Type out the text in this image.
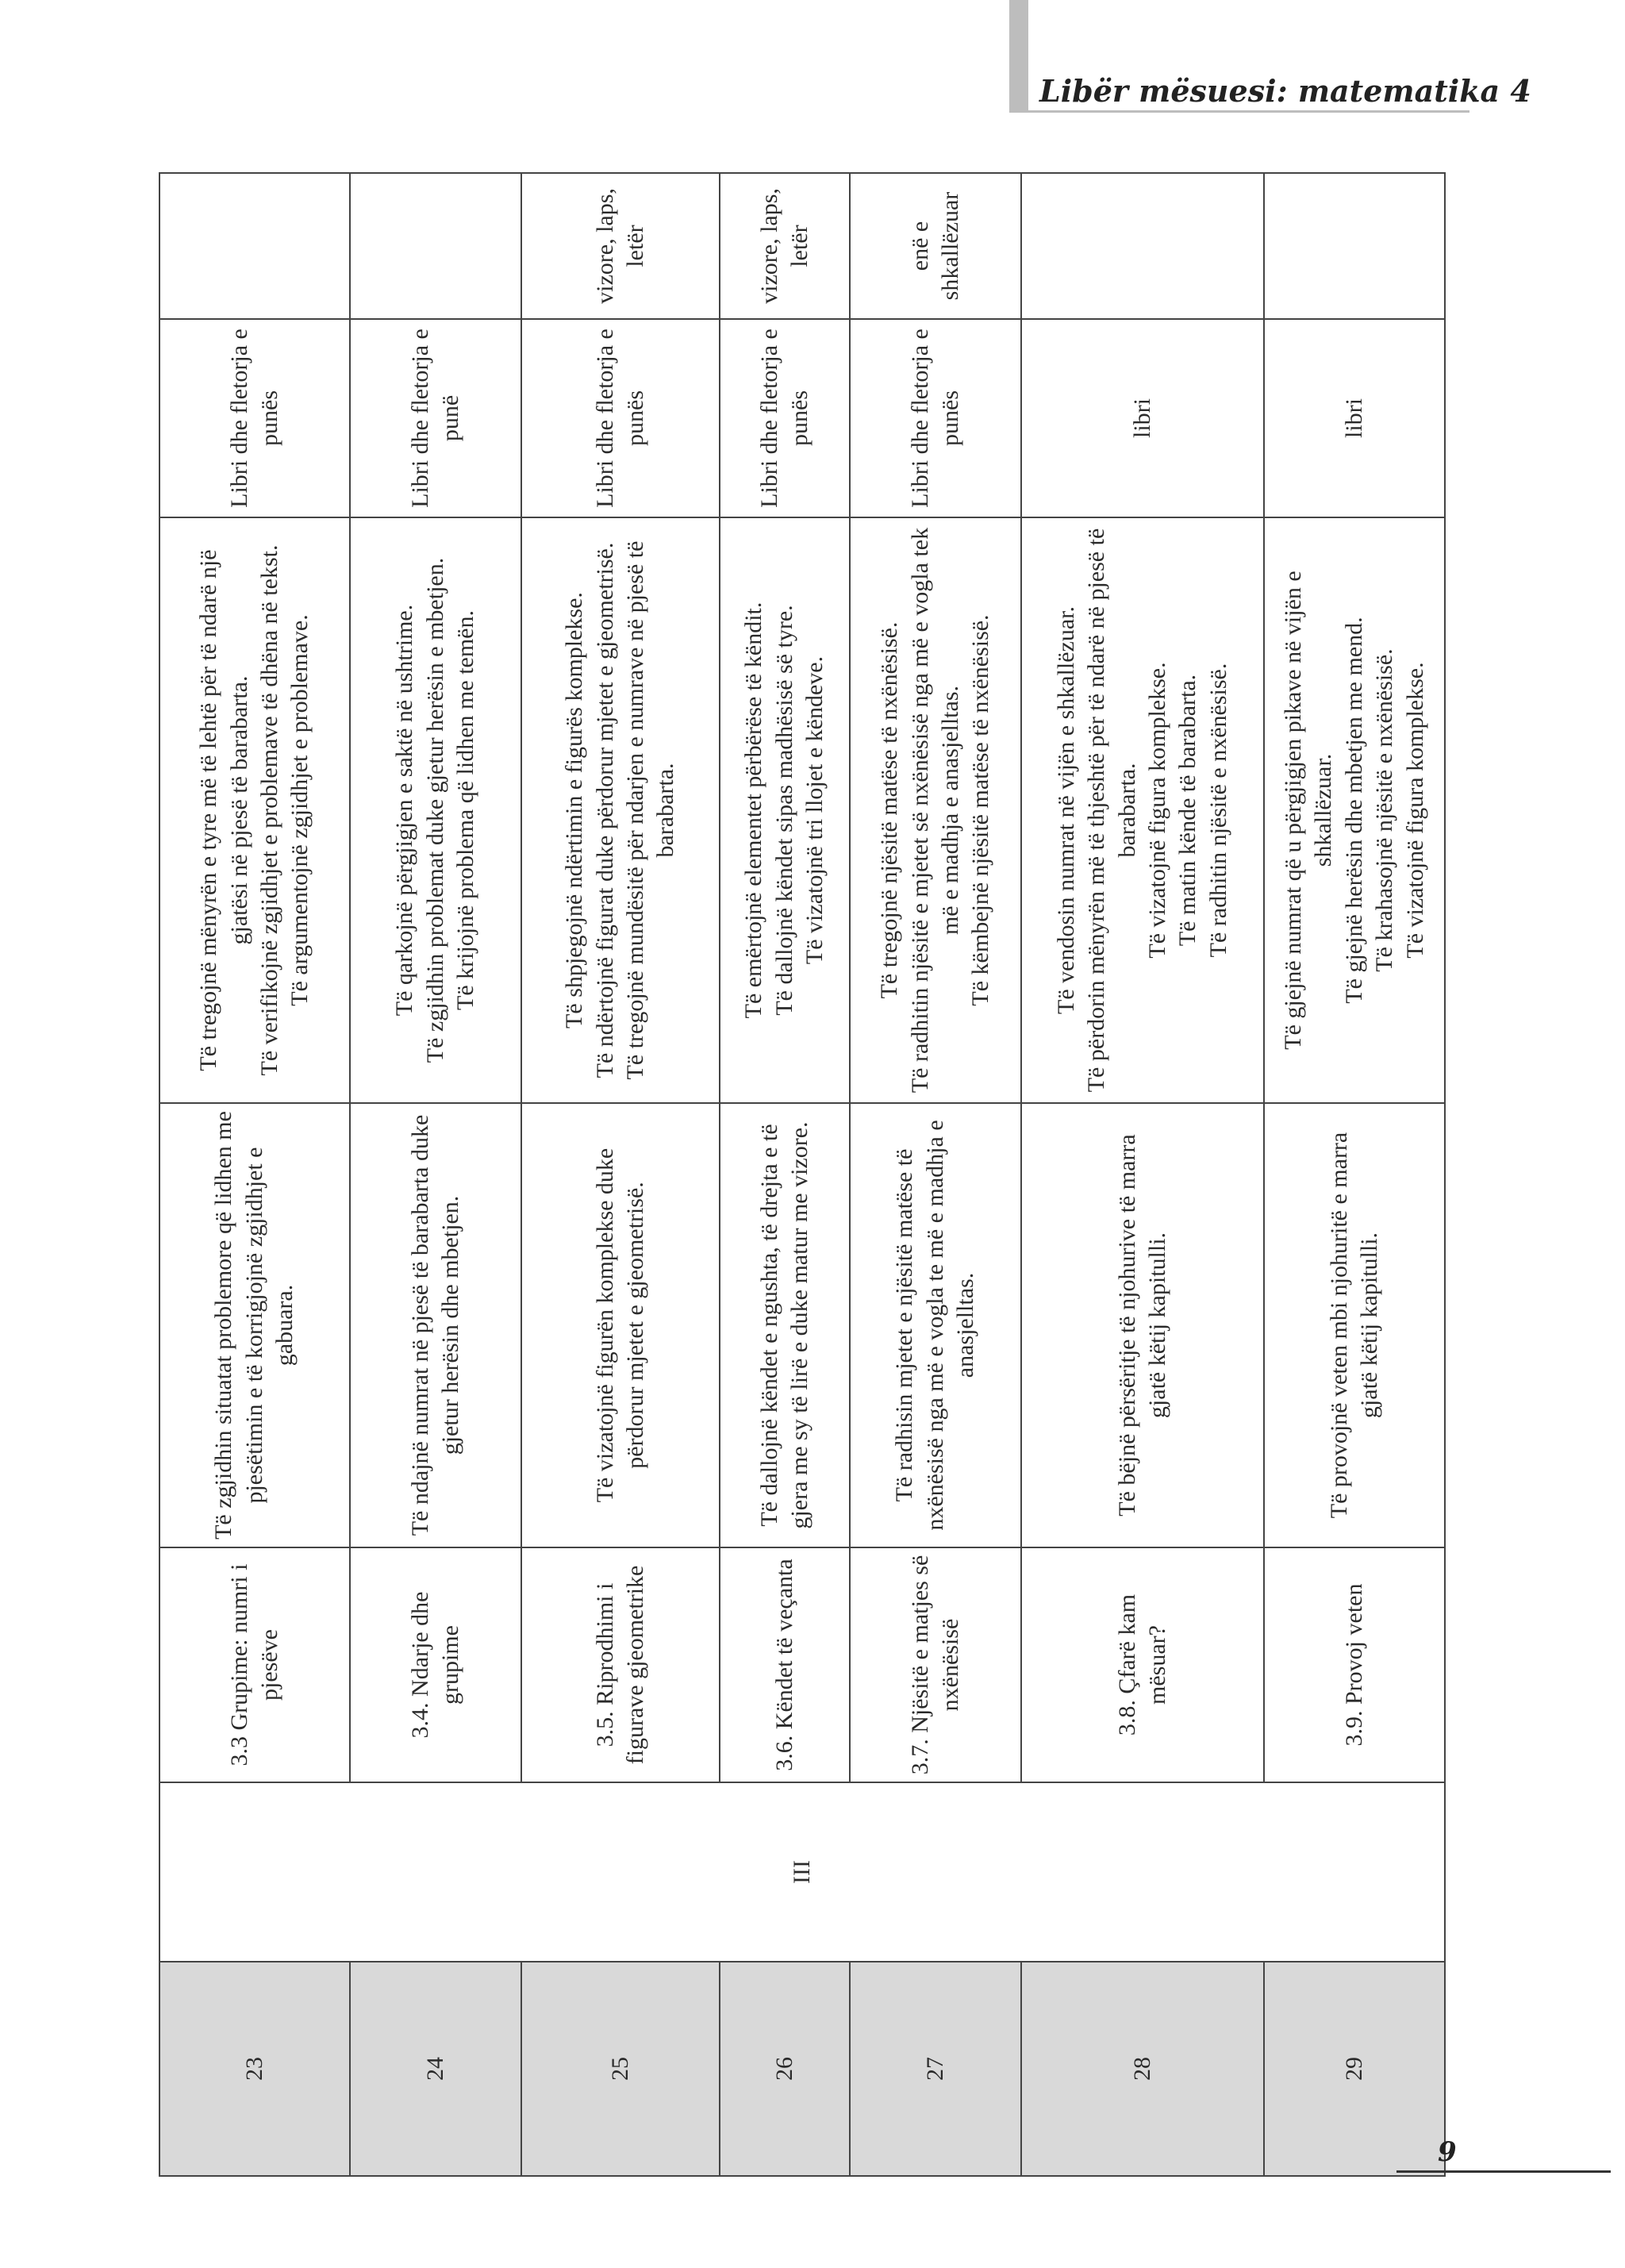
Libër mësuesi: matematika 4
23	III	3.3 Grupime: numri i pjesëve	Të zgjidhin situatat problemore që lidhen me pjesëtimin e të korrigjojnë zgjidhjet e gabuara.	Të tregojnë mënyrën e tyre më të lehtë për të ndarë një gjatësi në pjesë të barabarta. Të verifikojnë zgjidhjet e problemave të dhëna në tekst. Të argumentojnë zgjidhjet e problemave.	Libri dhe fletorja e punës	
24		3.4. Ndarje dhe grupime	Të ndajnë numrat në pjesë të barabarta duke gjetur herësin dhe mbetjen.	Të qarkojnë përgjigjen e saktë në ushtrime. Të zgjidhin problemat duke gjetur herësin e mbetjen. Të krijojnë problema që lidhen me temën.	Libri dhe fletorja e punë	
25		3.5. Riprodhimi i figurave gjeometrike	Të vizatojnë figurën komplekse duke përdorur mjetet e gjeometrisë.	Të shpjegojnë ndërtimin e figurës komplekse. Të ndërtojnë figurat duke përdorur mjetet e gjeometrisë. Të tregojnë mundësitë për ndarjen e numrave në pjesë të barabarta.	Libri dhe fletorja e punës	vizore, laps, letër
26		3.6. Këndet të veçanta	Të dallojnë këndet e ngushta, të drejta e të gjera me sy të lirë e duke matur me vizore.	Të emërtojnë elementet përbërëse të këndit. Të dallojnë këndet sipas madhësisë së tyre. Të vizatojnë tri llojet e këndeve.	Libri dhe fletorja e punës	vizore, laps, letër
27		3.7. Njësitë e matjes së nxënësisë	Të radhisin mjetet e njësitë matëse të nxënësisë nga më e vogla te më e madhja e anasjelltas.	Të tregojnë njësitë matëse të nxënësisë. Të radhitin njësitë e mjetet së nxënësisë nga më e vogla tek më e madhja e anasjelltas. Të këmbejnë njësitë matëse të nxënësisë.	Libri dhe fletorja e punës	enë e shkallëzuar
28		3.8. Çfarë kam mësuar?	Të bëjnë përsëritje të njohurive të marra gjatë këtij kapitulli.	Të vendosin numrat në vijën e shkallëzuar. Të përdorin mënyrën më të thjeshtë për të ndarë në pjesë të barabarta. Të vizatojnë figura komplekse. Të matin kënde të barabarta. Të radhitin njësitë e nxënësisë.	libri	
29		3.9. Provoj veten	Të provojnë veten mbi njohuritë e marra gjatë këtij kapitulli.	Të gjejnë numrat që u përgjigjen pikave në vijën e shkallëzuar. Të gjejnë herësin dhe mbetjen me mend. Të krahasojnë njësitë e nxënësisë. Të vizatojnë figura komplekse.	libri	
9
